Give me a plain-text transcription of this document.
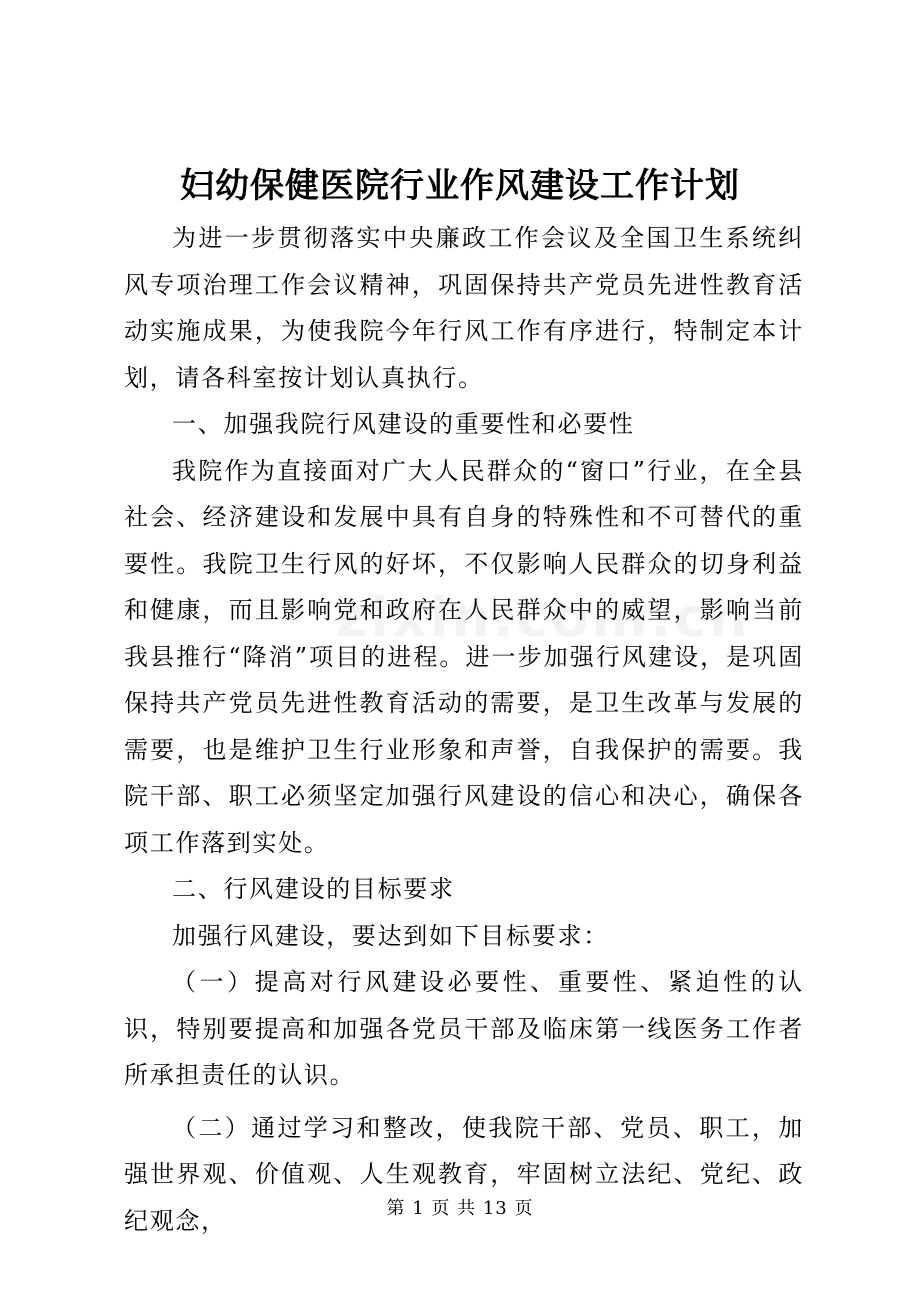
妇幼保健医院行业作风建设工作计划

为进一步贯彻落实中央廉政工作会议及全国卫生系统纠风专项治理工作会议精神，巩固保持共产党员先进性教育活动实施成果，为使我院今年行风工作有序进行，特制定本计划，请各科室按计划认真执行。

一、加强我院行风建设的重要性和必要性

我院作为直接面对广大人民群众的“窗口”行业，在全县社会、经济建设和发展中具有自身的特殊性和不可替代的重要性。我院卫生行风的好坏，不仅影响人民群众的切身利益和健康，而且影响党和政府在人民群众中的威望，影响当前我县推行“降消”项目的进程。进一步加强行风建设，是巩固保持共产党员先进性教育活动的需要，是卫生改革与发展的需要，也是维护卫生行业形象和声誉，自我保护的需要。我院干部、职工必须坚定加强行风建设的信心和决心，确保各项工作落到实处。

二、行风建设的目标要求

加强行风建设，要达到如下目标要求：

（一）提高对行风建设必要性、重要性、紧迫性的认识，特别要提高和加强各党员干部及临床第一线医务工作者所承担责任的认识。

（二）通过学习和整改，使我院干部、党员、职工，加强世界观、价值观、人生观教育，牢固树立法纪、党纪、政纪观念，	第 1 页 共 13 页
